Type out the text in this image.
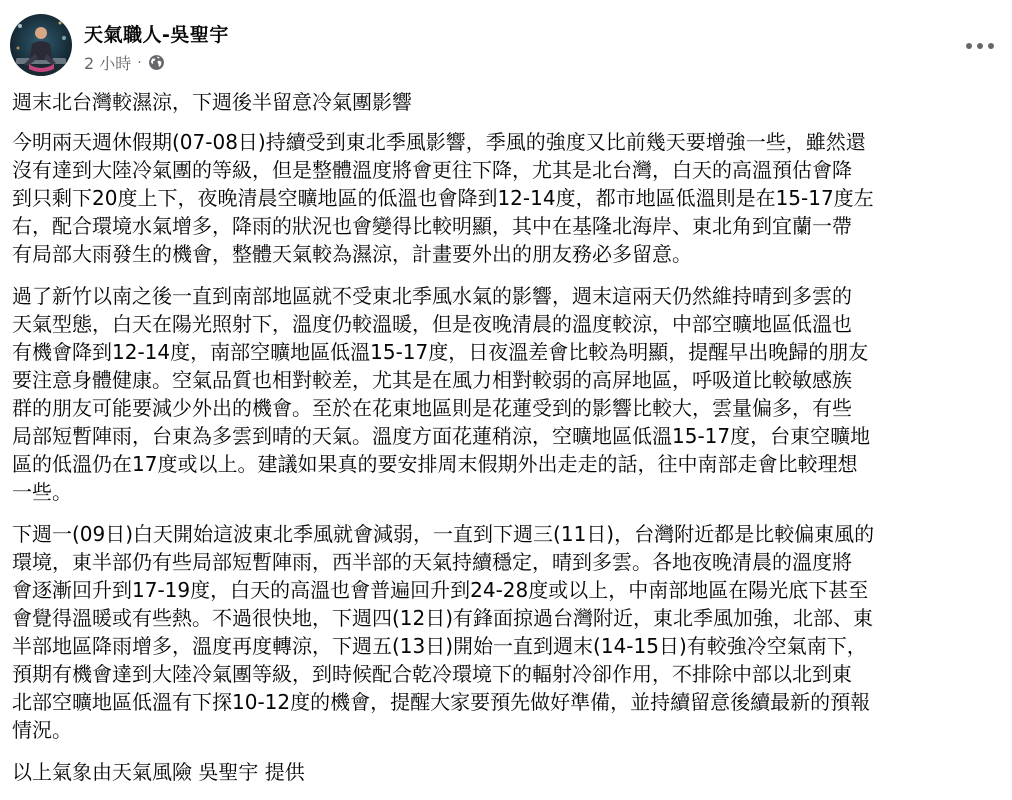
天氣職人-吳聖宇
2 小時 ·

週末北台灣較濕涼，下週後半留意冷氣團影響

今明兩天週休假期(07-08日)持續受到東北季風影響，季風的強度又比前幾天要增強一些，雖然還
沒有達到大陸冷氣團的等級，但是整體溫度將會更往下降，尤其是北台灣，白天的高溫預估會降
到只剩下20度上下，夜晚清晨空曠地區的低溫也會降到12-14度，都市地區低溫則是在15-17度左
右，配合環境水氣增多，降雨的狀況也會變得比較明顯，其中在基隆北海岸、東北角到宜蘭一帶
有局部大雨發生的機會，整體天氣較為濕涼，計畫要外出的朋友務必多留意。

過了新竹以南之後一直到南部地區就不受東北季風水氣的影響，週末這兩天仍然維持晴到多雲的
天氣型態，白天在陽光照射下，溫度仍較溫暖，但是夜晚清晨的溫度較涼，中部空曠地區低溫也
有機會降到12-14度，南部空曠地區低溫15-17度，日夜溫差會比較為明顯，提醒早出晚歸的朋友
要注意身體健康。空氣品質也相對較差，尤其是在風力相對較弱的高屏地區，呼吸道比較敏感族
群的朋友可能要減少外出的機會。至於在花東地區則是花蓮受到的影響比較大，雲量偏多，有些
局部短暫陣雨，台東為多雲到晴的天氣。溫度方面花蓮稍涼，空曠地區低溫15-17度，台東空曠地
區的低溫仍在17度或以上。建議如果真的要安排周末假期外出走走的話，往中南部走會比較理想
一些。

下週一(09日)白天開始這波東北季風就會減弱，一直到下週三(11日)，台灣附近都是比較偏東風的
環境，東半部仍有些局部短暫陣雨，西半部的天氣持續穩定，晴到多雲。各地夜晚清晨的溫度將
會逐漸回升到17-19度，白天的高溫也會普遍回升到24-28度或以上，中南部地區在陽光底下甚至
會覺得溫暖或有些熱。不過很快地，下週四(12日)有鋒面掠過台灣附近，東北季風加強，北部、東
半部地區降雨增多，溫度再度轉涼，下週五(13日)開始一直到週末(14-15日)有較強冷空氣南下，
預期有機會達到大陸冷氣團等級，到時候配合乾冷環境下的輻射冷卻作用，不排除中部以北到東
北部空曠地區低溫有下探10-12度的機會，提醒大家要預先做好準備，並持續留意後續最新的預報
情況。

以上氣象由天氣風險 吳聖宇 提供
